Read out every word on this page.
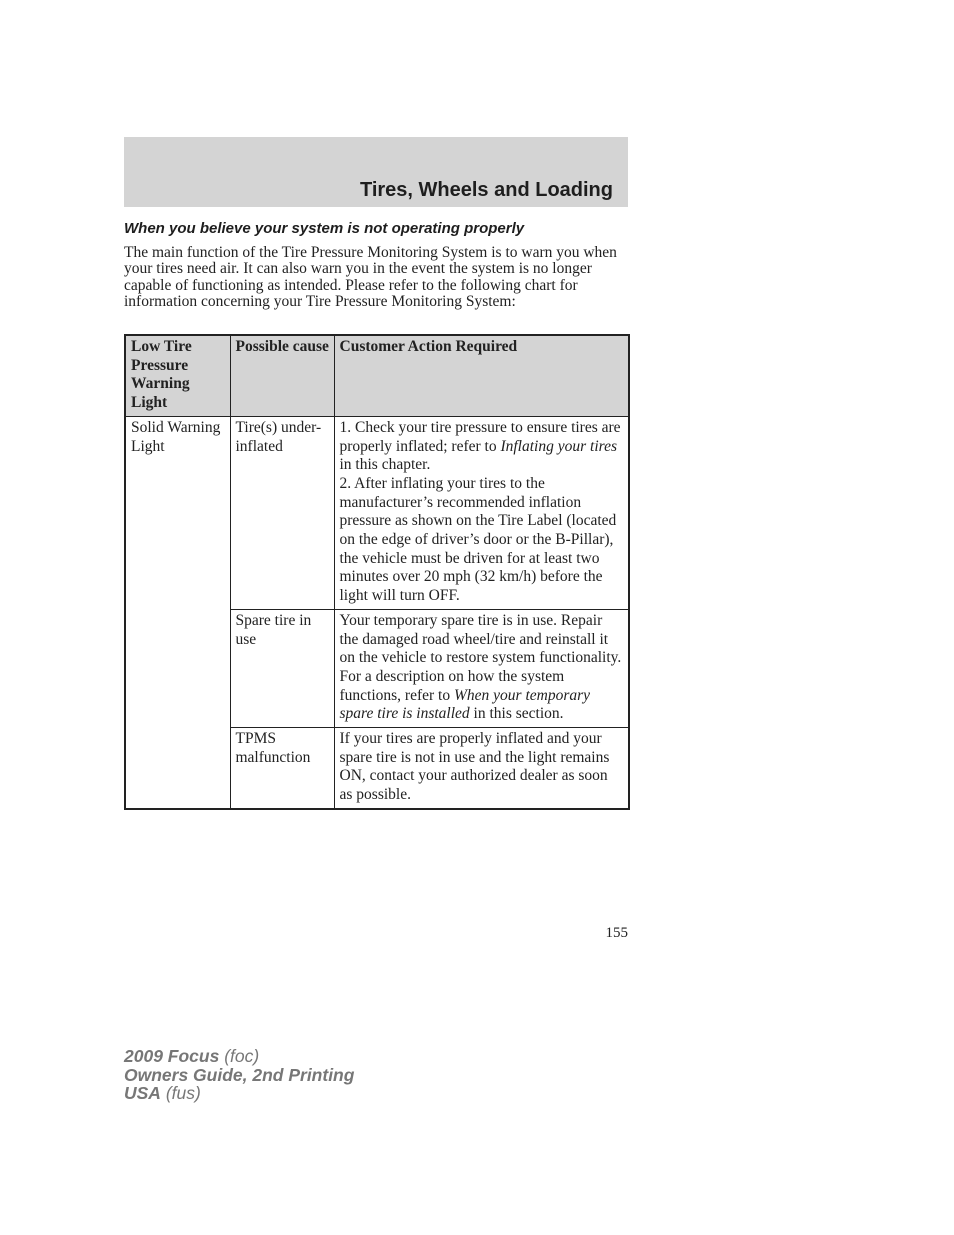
Tires, Wheels and Loading
When you believe your system is not operating properly

The main function of the Tire Pressure Monitoring System is to warn you when your tires need air. It can also warn you in the event the system is no longer capable of functioning as intended. Please refer to the following chart for information concerning your Tire Pressure Monitoring System:

Low Tire Pressure Warning Light	Possible cause	Customer Action Required
Solid Warning Light	Tire(s) under-inflated	1. Check your tire pressure to ensure tires are properly inflated; refer to Inflating your tires in this chapter.
2. After inflating your tires to the manufacturer’s recommended inflation pressure as shown on the Tire Label (located on the edge of driver’s door or the B-Pillar), the vehicle must be driven for at least two minutes over 20 mph (32 km/h) before the light will turn OFF.

	Spare tire in use	Your temporary spare tire is in use. Repair the damaged road wheel/tire and reinstall it on the vehicle to restore system functionality. For a description on how the system functions, refer to When your temporary spare tire is installed in this section.
	TPMS malfunction	If your tires are properly inflated and your spare tire is not in use and the light remains ON, contact your authorized dealer as soon as possible.
155
2009 Focus (foc)
Owners Guide, 2nd Printing
USA (fus)
